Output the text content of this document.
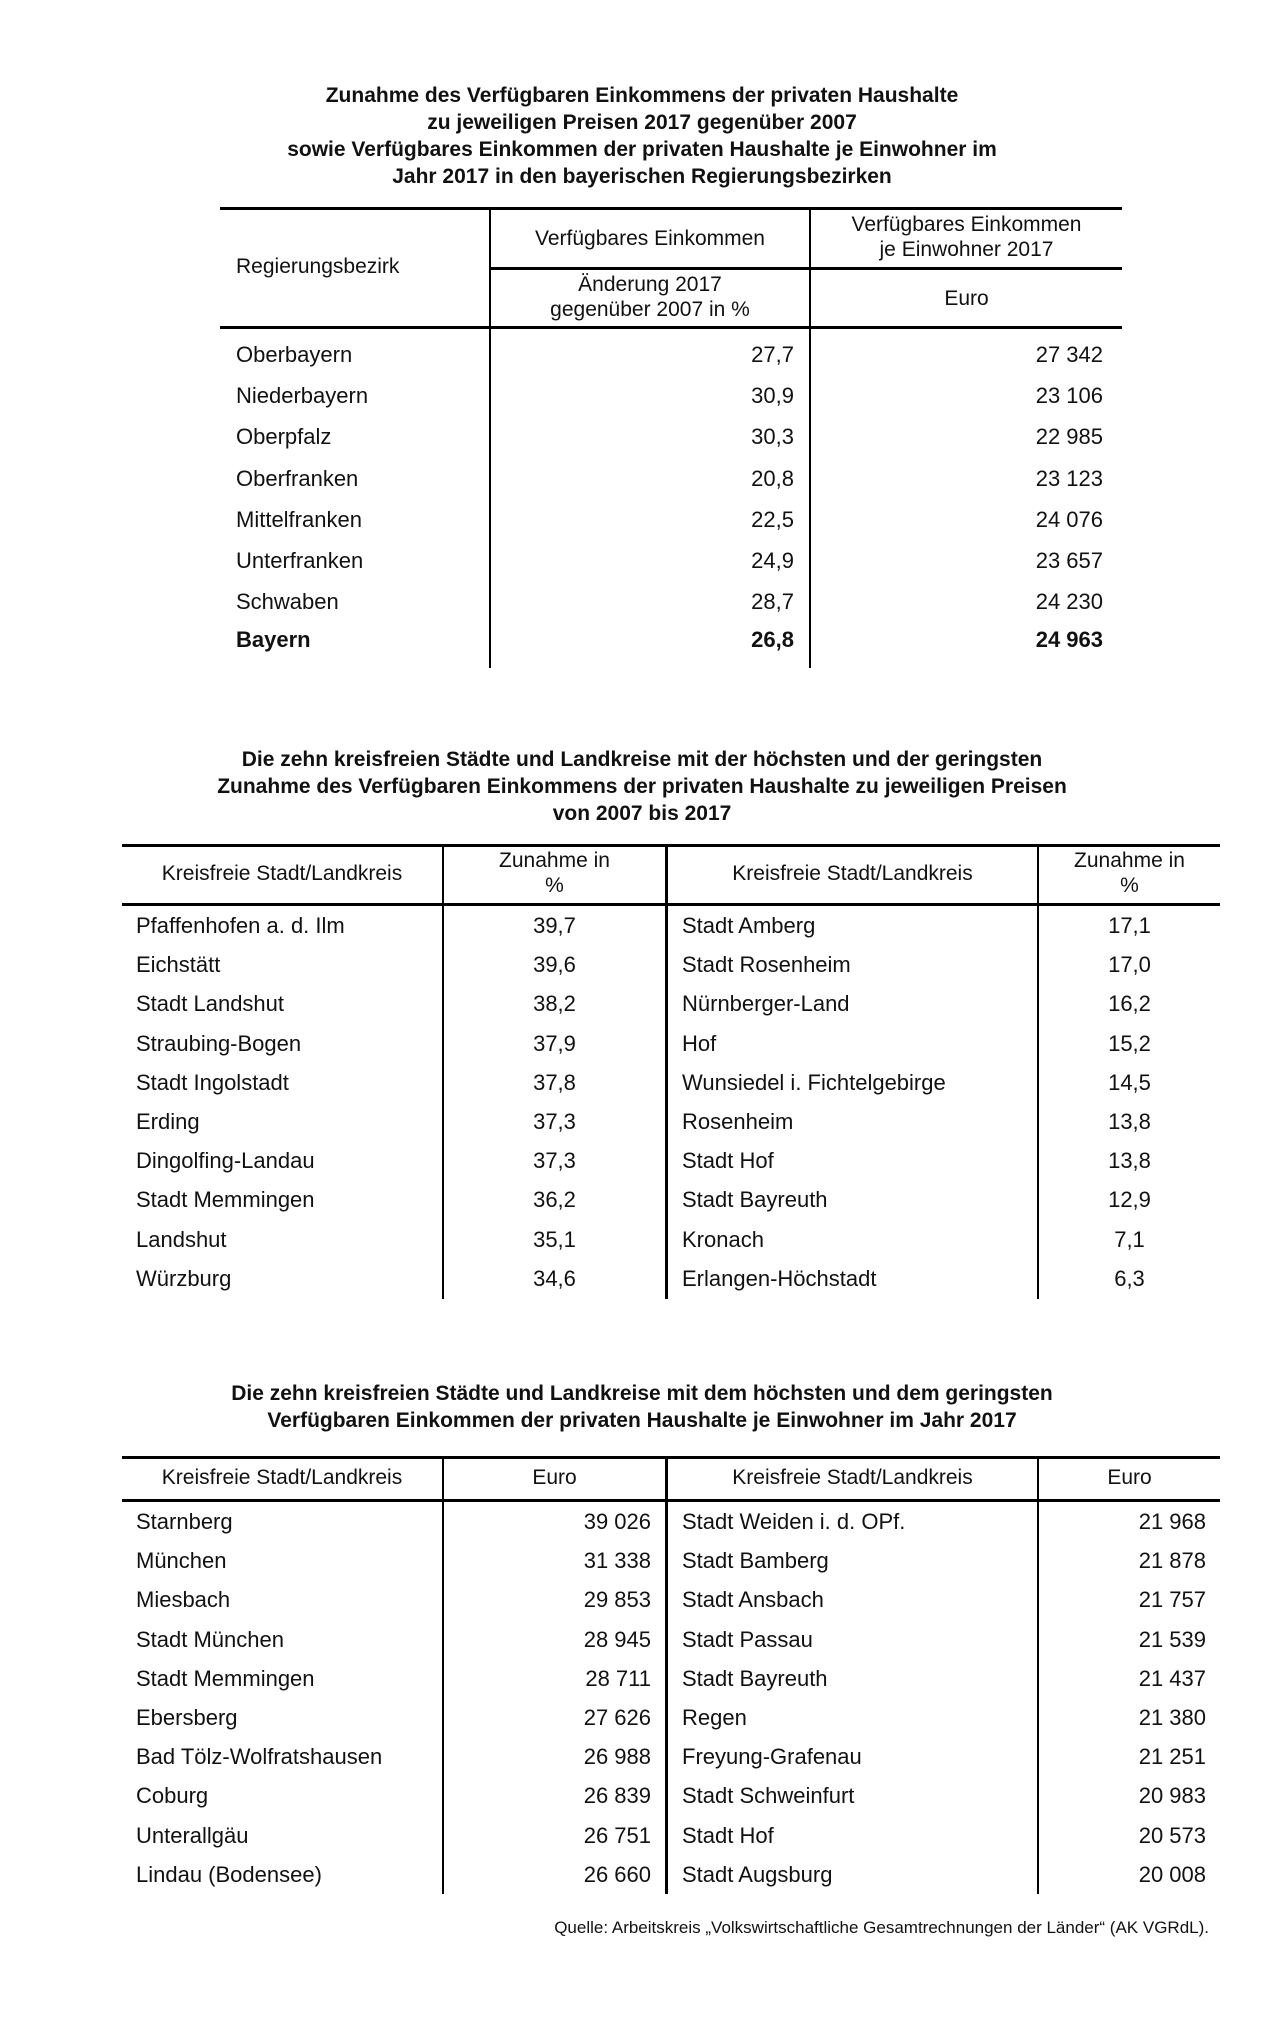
Zunahme des Verfügbaren Einkommens der privaten Haushalte
zu jeweiligen Preisen 2017 gegenüber 2007
sowie Verfügbares Einkommen der privaten Haushalte je Einwohner im
Jahr 2017 in den bayerischen Regierungsbezirken
Regierungsbezirk
Verfügbares Einkommen
Änderung 2017
gegenüber 2007 in %
Verfügbares Einkommen
je Einwohner 2017
Euro
Oberbayern	27,7	27 342
Niederbayern	30,9	23 106
Oberpfalz	30,3	22 985
Oberfranken	20,8	23 123
Mittelfranken	22,5	24 076
Unterfranken	24,9	23 657
Schwaben	28,7	24 230
Bayern	26,8	24 963
Die zehn kreisfreien Städte und Landkreise mit der höchsten und der geringsten
Zunahme des Verfügbaren Einkommens der privaten Haushalte zu jeweiligen Preisen
von 2007 bis 2017
Kreisfreie Stadt/Landkreis
Zunahme in
%
Kreisfreie Stadt/Landkreis
Zunahme in
%
Pfaffenhofen a. d. Ilm	39,7	Stadt Amberg	17,1
Eichstätt	39,6	Stadt Rosenheim	17,0
Stadt Landshut	38,2	Nürnberger-Land	16,2
Straubing-Bogen	37,9	Hof	15,2
Stadt Ingolstadt	37,8	Wunsiedel i. Fichtelgebirge	14,5
Erding	37,3	Rosenheim	13,8
Dingolfing-Landau	37,3	Stadt Hof	13,8
Stadt Memmingen	36,2	Stadt Bayreuth	12,9
Landshut	35,1	Kronach	7,1
Würzburg	34,6	Erlangen-Höchstadt	6,3
Die zehn kreisfreien Städte und Landkreise mit dem höchsten und dem geringsten
Verfügbaren Einkommen der privaten Haushalte je Einwohner im Jahr 2017
Kreisfreie Stadt/Landkreis	Euro	Kreisfreie Stadt/Landkreis	Euro
Starnberg	39 026 Stadt Weiden i. d. OPf.	21 968
München	31 338 Stadt Bamberg	21 878
Miesbach	29 853 Stadt Ansbach	21 757
Stadt München	28 945 Stadt Passau	21 539
Stadt Memmingen	28 711 Stadt Bayreuth	21 437
Ebersberg	27 626 Regen	21 380
Bad Tölz-Wolfratshausen	26 988 Freyung-Grafenau	21 251
Coburg	26 839 Stadt Schweinfurt	20 983
Unterallgäu	26 751 Stadt Hof	20 573
Lindau (Bodensee)	26 660 Stadt Augsburg	20 008
Quelle: Arbeitskreis „Volkswirtschaftliche Gesamtrechnungen der Länder“ (AK VGRdL).
